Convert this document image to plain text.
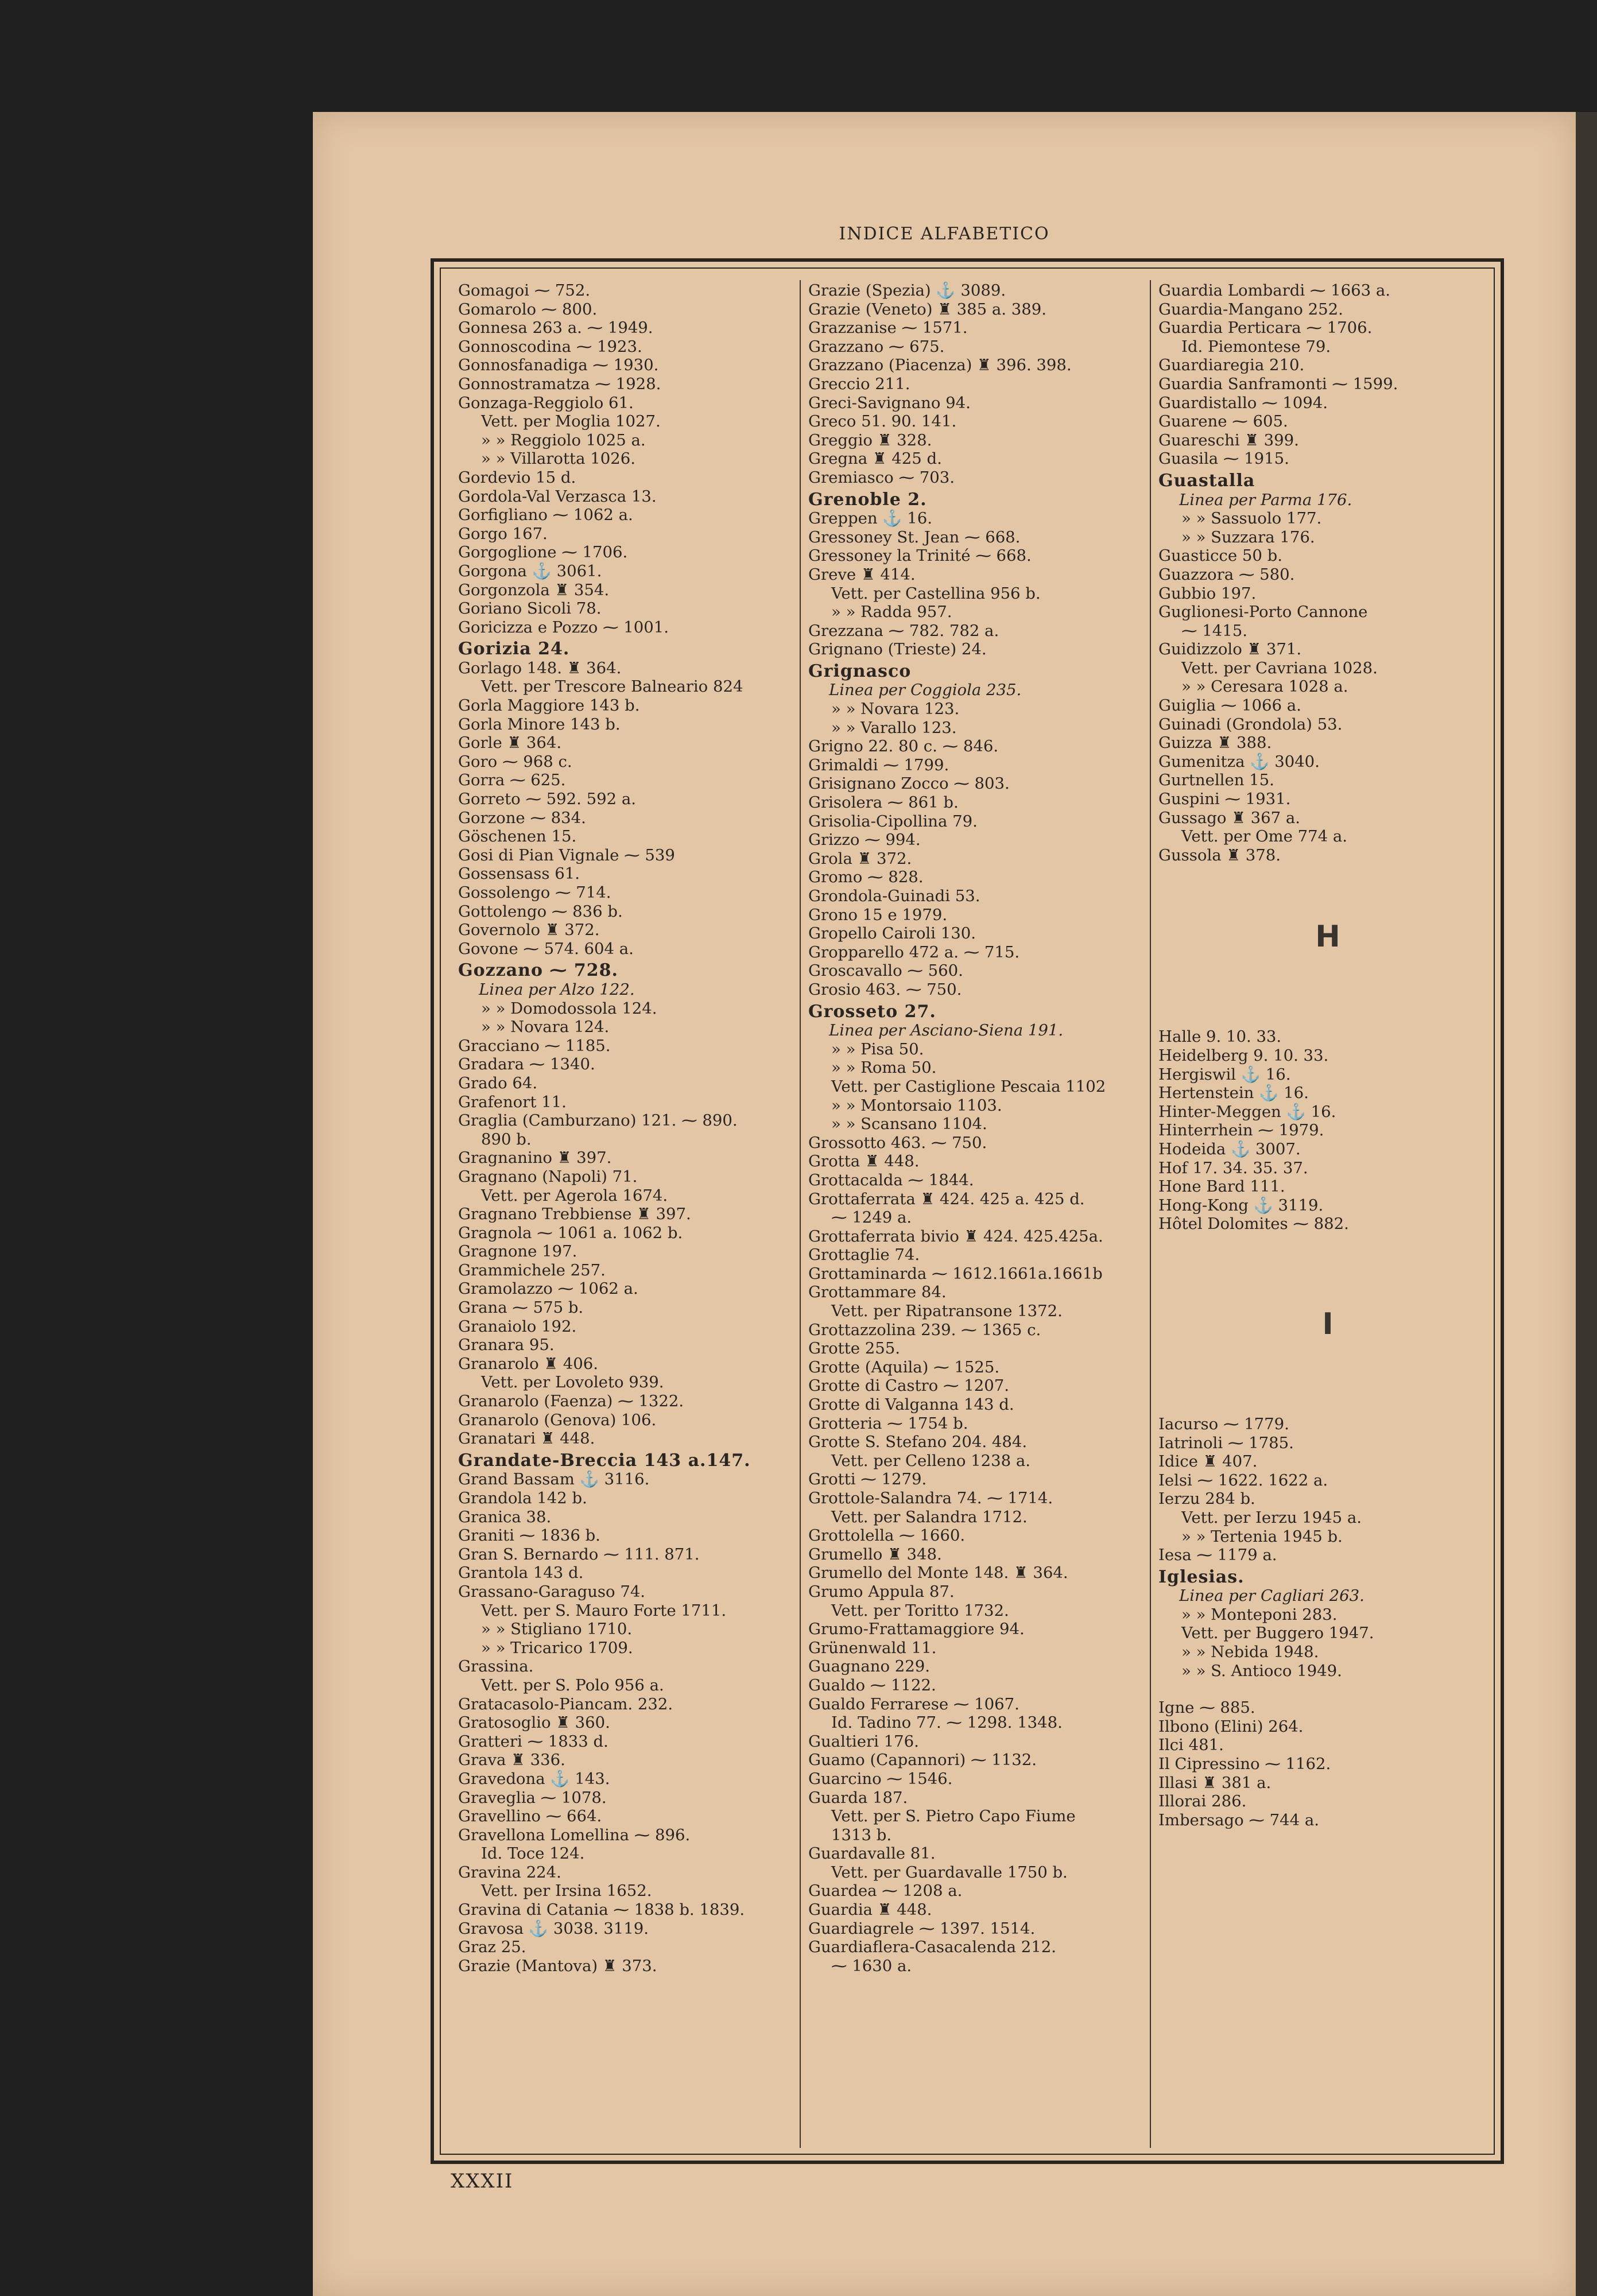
INDICE ALFABETICO
Gomagoi ⁓ 752.
Gomarolo ⁓ 800.
Gonnesa 263 a. ⁓ 1949.
Gonnoscodina ⁓ 1923.
Gonnosfanadiga ⁓ 1930.
Gonnostramatza ⁓ 1928.
Gonzaga-Reggiolo 61.
Vett. per Moglia 1027.
» » Reggiolo 1025 a.
» » Villarotta 1026.
Gordevio 15 d.
Gordola-Val Verzasca 13.
Gorfigliano ⁓ 1062 a.
Gorgo 167.
Gorgoglione ⁓ 1706.
Gorgona ⚓ 3061.
Gorgonzola ♜ 354.
Goriano Sicoli 78.
Goricizza e Pozzo ⁓ 1001.
Gorizia 24.
Gorlago 148. ♜ 364.
Vett. per Trescore Balneario 824
Gorla Maggiore 143 b.
Gorla Minore 143 b.
Gorle ♜ 364.
Goro ⁓ 968 c.
Gorra ⁓ 625.
Gorreto ⁓ 592. 592 a.
Gorzone ⁓ 834.
Göschenen 15.
Gosi di Pian Vignale ⁓ 539
Gossensass 61.
Gossolengo ⁓ 714.
Gottolengo ⁓ 836 b.
Governolo ♜ 372.
Govone ⁓ 574. 604 a.
Gozzano ⁓ 728.
Linea per Alzo 122.
» » Domodossola 124.
» » Novara 124.
Gracciano ⁓ 1185.
Gradara ⁓ 1340.
Grado 64.
Grafenort 11.
Graglia (Camburzano) 121. ⁓ 890.
890 b.
Gragnanino ♜ 397.
Gragnano (Napoli) 71.
Vett. per Agerola 1674.
Gragnano Trebbiense ♜ 397.
Gragnola ⁓ 1061 a. 1062 b.
Gragnone 197.
Grammichele 257.
Gramolazzo ⁓ 1062 a.
Grana ⁓ 575 b.
Granaiolo 192.
Granara 95.
Granarolo ♜ 406.
Vett. per Lovoleto 939.
Granarolo (Faenza) ⁓ 1322.
Granarolo (Genova) 106.
Granatari ♜ 448.
Grandate-Breccia 143 a.147.
Grand Bassam ⚓ 3116.
Grandola 142 b.
Granica 38.
Graniti ⁓ 1836 b.
Gran S. Bernardo ⁓ 111. 871.
Grantola 143 d.
Grassano-Garaguso 74.
Vett. per S. Mauro Forte 1711.
» » Stigliano 1710.
» » Tricarico 1709.
Grassina.
Vett. per S. Polo 956 a.
Gratacasolo-Piancam. 232.
Gratosoglio ♜ 360.
Gratteri ⁓ 1833 d.
Grava ♜ 336.
Gravedona ⚓ 143.
Graveglia ⁓ 1078.
Gravellino ⁓ 664.
Gravellona Lomellina ⁓ 896.
Id. Toce 124.
Gravina 224.
Vett. per Irsina 1652.
Gravina di Catania ⁓ 1838 b. 1839.
Gravosa ⚓ 3038. 3119.
Graz 25.
Grazie (Mantova) ♜ 373.
Grazie (Spezia) ⚓ 3089.
Grazie (Veneto) ♜ 385 a. 389.
Grazzanise ⁓ 1571.
Grazzano ⁓ 675.
Grazzano (Piacenza) ♜ 396. 398.
Greccio 211.
Greci-Savignano 94.
Greco 51. 90. 141.
Greggio ♜ 328.
Gregna ♜ 425 d.
Gremiasco ⁓ 703.
Grenoble 2.
Greppen ⚓ 16.
Gressoney St. Jean ⁓ 668.
Gressoney la Trinité ⁓ 668.
Greve ♜ 414.
Vett. per Castellina 956 b.
» » Radda 957.
Grezzana ⁓ 782. 782 a.
Grignano (Trieste) 24.
Grignasco
Linea per Coggiola 235.
» » Novara 123.
» » Varallo 123.
Grigno 22. 80 c. ⁓ 846.
Grimaldi ⁓ 1799.
Grisignano Zocco ⁓ 803.
Grisolera ⁓ 861 b.
Grisolia-Cipollina 79.
Grizzo ⁓ 994.
Grola ♜ 372.
Gromo ⁓ 828.
Grondola-Guinadi 53.
Grono 15 e 1979.
Gropello Cairoli 130.
Gropparello 472 a. ⁓ 715.
Groscavallo ⁓ 560.
Grosio 463. ⁓ 750.
Grosseto 27.
Linea per Asciano-Siena 191.
» » Pisa 50.
» » Roma 50.
Vett. per Castiglione Pescaia 1102
» » Montorsaio 1103.
» » Scansano 1104.
Grossotto 463. ⁓ 750.
Grotta ♜ 448.
Grottacalda ⁓ 1844.
Grottaferrata ♜ 424. 425 a. 425 d.
⁓ 1249 a.
Grottaferrata bivio ♜ 424. 425.425a.
Grottaglie 74.
Grottaminarda ⁓ 1612.1661a.1661b
Grottammare 84.
Vett. per Ripatransone 1372.
Grottazzolina 239. ⁓ 1365 c.
Grotte 255.
Grotte (Aquila) ⁓ 1525.
Grotte di Castro ⁓ 1207.
Grotte di Valganna 143 d.
Grotteria ⁓ 1754 b.
Grotte S. Stefano 204. 484.
Vett. per Celleno 1238 a.
Grotti ⁓ 1279.
Grottole-Salandra 74. ⁓ 1714.
Vett. per Salandra 1712.
Grottolella ⁓ 1660.
Grumello ♜ 348.
Grumello del Monte 148. ♜ 364.
Grumo Appula 87.
Vett. per Toritto 1732.
Grumo-Frattamaggiore 94.
Grünenwald 11.
Guagnano 229.
Gualdo ⁓ 1122.
Gualdo Ferrarese ⁓ 1067.
Id. Tadino 77. ⁓ 1298. 1348.
Gualtieri 176.
Guamo (Capannori) ⁓ 1132.
Guarcino ⁓ 1546.
Guarda 187.
Vett. per S. Pietro Capo Fiume
1313 b.
Guardavalle 81.
Vett. per Guardavalle 1750 b.
Guardea ⁓ 1208 a.
Guardia ♜ 448.
Guardiagrele ⁓ 1397. 1514.
Guardiaflera-Casacalenda 212.
⁓ 1630 a.
Guardia Lombardi ⁓ 1663 a.
Guardia-Mangano 252.
Guardia Perticara ⁓ 1706.
Id. Piemontese 79.
Guardiaregia 210.
Guardia Sanframonti ⁓ 1599.
Guardistallo ⁓ 1094.
Guarene ⁓ 605.
Guareschi ♜ 399.
Guasila ⁓ 1915.
Guastalla
Linea per Parma 176.
» » Sassuolo 177.
» » Suzzara 176.
Guasticce 50 b.
Guazzora ⁓ 580.
Gubbio 197.
Guglionesi-Porto Cannone
⁓ 1415.
Guidizzolo ♜ 371.
Vett. per Cavriana 1028.
» » Ceresara 1028 a.
Guiglia ⁓ 1066 a.
Guinadi (Grondola) 53.
Guizza ♜ 388.
Gumenitza ⚓ 3040.
Gurtnellen 15.
Guspini ⁓ 1931.
Gussago ♜ 367 a.
Vett. per Ome 774 a.
Gussola ♜ 378.
H
Halle 9. 10. 33.
Heidelberg 9. 10. 33.
Hergiswil ⚓ 16.
Hertenstein ⚓ 16.
Hinter-Meggen ⚓ 16.
Hinterrhein ⁓ 1979.
Hodeida ⚓ 3007.
Hof 17. 34. 35. 37.
Hone Bard 111.
Hong-Kong ⚓ 3119.
Hôtel Dolomites ⁓ 882.
I
Iacurso ⁓ 1779.
Iatrinoli ⁓ 1785.
Idice ♜ 407.
Ielsi ⁓ 1622. 1622 a.
Ierzu 284 b.
Vett. per Ierzu 1945 a.
» » Tertenia 1945 b.
Iesa ⁓ 1179 a.
Iglesias.
Linea per Cagliari 263.
» » Monteponi 283.
Vett. per Buggero 1947.
» » Nebida 1948.
» » S. Antioco 1949.
Igne ⁓ 885.
Ilbono (Elini) 264.
Ilci 481.
Il Cipressino ⁓ 1162.
Illasi ♜ 381 a.
Illorai 286.
Imbersago ⁓ 744 a.
XXXII
